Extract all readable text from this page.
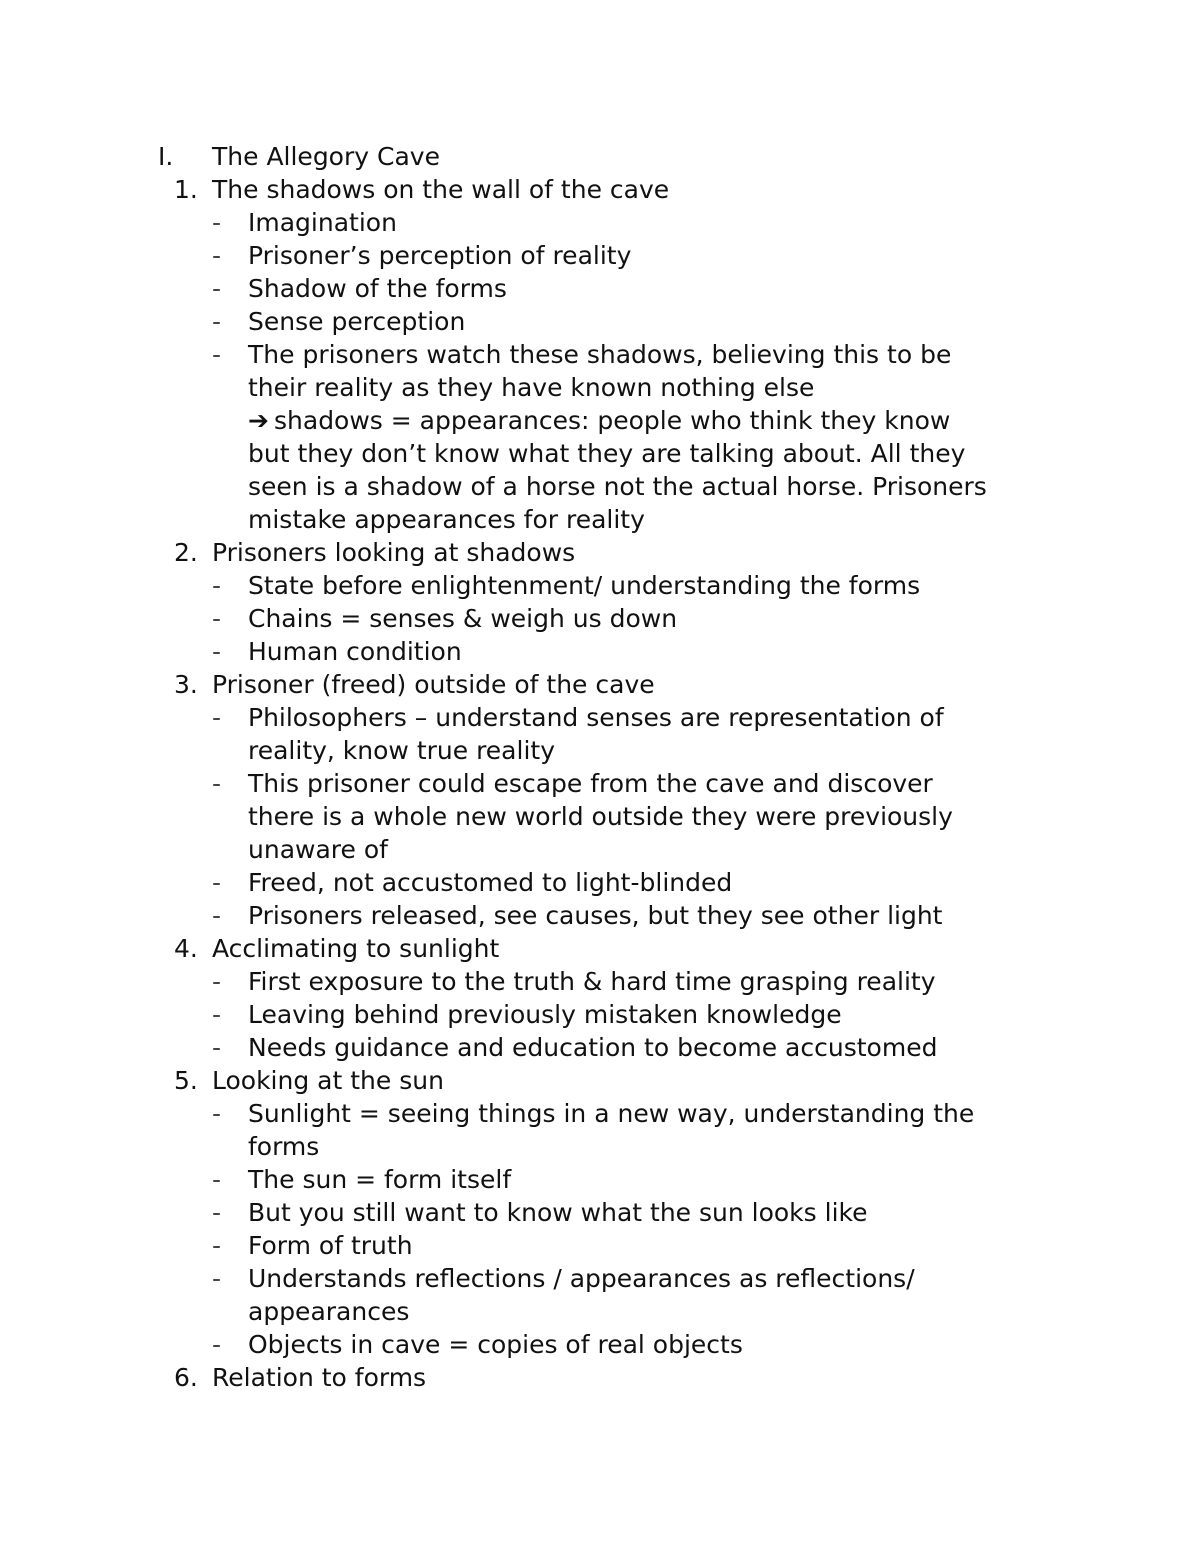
I. The Allegory Cave
1. The shadows on the wall of the cave
- Imagination
- Prisoner’s perception of reality
- Shadow of the forms
- Sense perception
- The prisoners watch these shadows, believing this to be
their reality as they have known nothing else
➔ shadows = appearances: people who think they know
but they don’t know what they are talking about. All they
seen is a shadow of a horse not the actual horse. Prisoners
mistake appearances for reality
2. Prisoners looking at shadows
- State before enlightenment/ understanding the forms
- Chains = senses & weigh us down
- Human condition
3. Prisoner (freed) outside of the cave
- Philosophers – understand senses are representation of
reality, know true reality
- This prisoner could escape from the cave and discover
there is a whole new world outside they were previously
unaware of
- Freed, not accustomed to light-blinded
- Prisoners released, see causes, but they see other light
4. Acclimating to sunlight
- First exposure to the truth & hard time grasping reality
- Leaving behind previously mistaken knowledge
- Needs guidance and education to become accustomed
5. Looking at the sun
- Sunlight = seeing things in a new way, understanding the
forms
- The sun = form itself
- But you still want to know what the sun looks like
- Form of truth
- Understands reflections / appearances as reflections/
appearances
- Objects in cave = copies of real objects
6. Relation to forms
